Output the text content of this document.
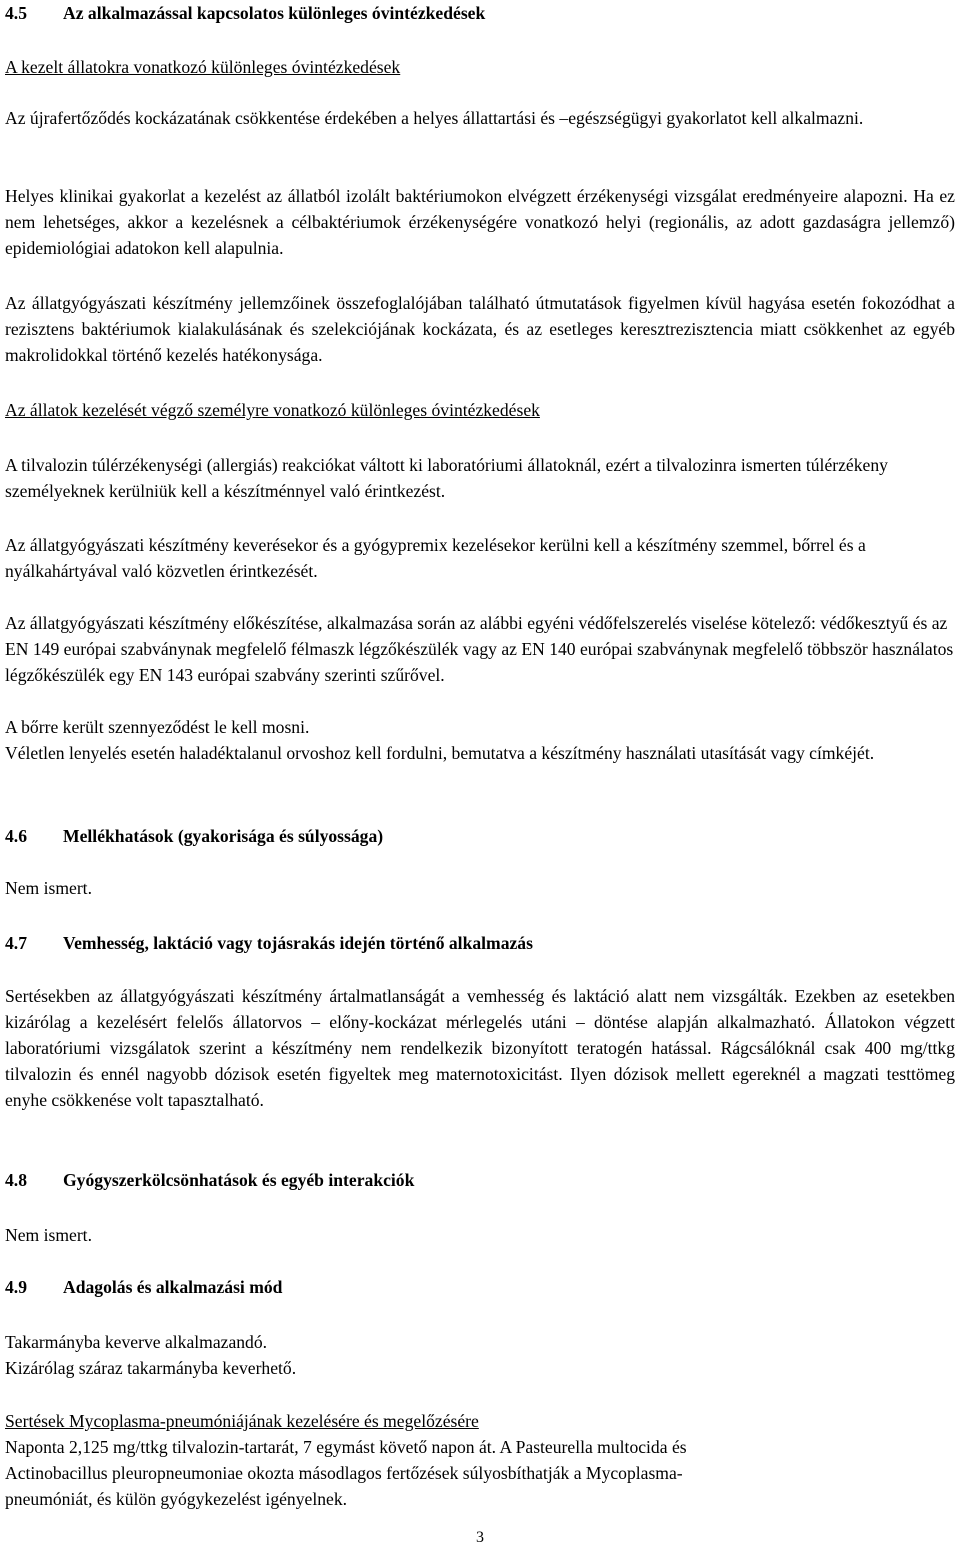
4.5 Az alkalmazással kapcsolatos különleges óvintézkedések

A kezelt állatokra vonatkozó különleges óvintézkedések

Az újrafertőződés kockázatának csökkentése érdekében a helyes állattartási és –egészségügyi gyakorlatot kell alkalmazni.

Helyes klinikai gyakorlat a kezelést az állatból izolált baktériumokon elvégzett érzékenységi vizsgálat eredményeire alapozni. Ha ez nem lehetséges, akkor a kezelésnek a célbaktériumok érzékenységére vonatkozó helyi (regionális, az adott gazdaságra jellemző) epidemiológiai adatokon kell alapulnia.

Az állatgyógyászati készítmény jellemzőinek összefoglalójában található útmutatások figyelmen kívül hagyása esetén fokozódhat a rezisztens baktériumok kialakulásának és szelekciójának kockázata, és az esetleges keresztrezisztencia miatt csökkenhet az egyéb makrolidokkal történő kezelés hatékonysága.

Az állatok kezelését végző személyre vonatkozó különleges óvintézkedések

A tilvalozin túlérzékenységi (allergiás) reakciókat váltott ki laboratóriumi állatoknál, ezért a tilvalozinra ismerten túlérzékeny személyeknek kerülniük kell a készítménnyel való érintkezést.

Az állatgyógyászati készítmény keverésekor és a gyógypremix kezelésekor kerülni kell a készítmény szemmel, bőrrel és a nyálkahártyával való közvetlen érintkezését.

Az állatgyógyászati készítmény előkészítése, alkalmazása során az alábbi egyéni védőfelszerelés viselése kötelező: védőkesztyű és az EN 149 európai szabványnak megfelelő félmaszk légzőkészülék vagy az EN 140 európai szabványnak megfelelő többször használatos légzőkészülék egy EN 143 európai szabvány szerinti szűrővel.

A bőrre került szennyeződést le kell mosni.

Véletlen lenyelés esetén haladéktalanul orvoshoz kell fordulni, bemutatva a készítmény használati utasítását vagy címkéjét.

4.6 Mellékhatások (gyakorisága és súlyossága)

Nem ismert.

4.7 Vemhesség, laktáció vagy tojásrakás idején történő alkalmazás

Sertésekben az állatgyógyászati készítmény ártalmatlanságát a vemhesség és laktáció alatt nem vizsgálták. Ezekben az esetekben kizárólag a kezelésért felelős állatorvos – előny-kockázat mérlegelés utáni – döntése alapján alkalmazható. Állatokon végzett laboratóriumi vizsgálatok szerint a készítmény nem rendelkezik bizonyított teratogén hatással. Rágcsálóknál csak 400 mg/ttkg tilvalozin és ennél nagyobb dózisok esetén figyeltek meg maternotoxicitást. Ilyen dózisok mellett egereknél a magzati testtömeg enyhe csökkenése volt tapasztalható.

4.8 Gyógyszerkölcsönhatások és egyéb interakciók

Nem ismert.

4.9 Adagolás és alkalmazási mód

Takarmányba keverve alkalmazandó.

Kizárólag száraz takarmányba keverhető.

Sertések Mycoplasma-pneumóniájának kezelésére és megelőzésére

Naponta 2,125 mg/ttkg tilvalozin-tartarát, 7 egymást követő napon át. A Pasteurella multocida és
Actinobacillus pleuropneumoniae okozta másodlagos fertőzések súlyosbíthatják a Mycoplasma-
pneumóniát, és külön gyógykezelést igényelnek.

3
